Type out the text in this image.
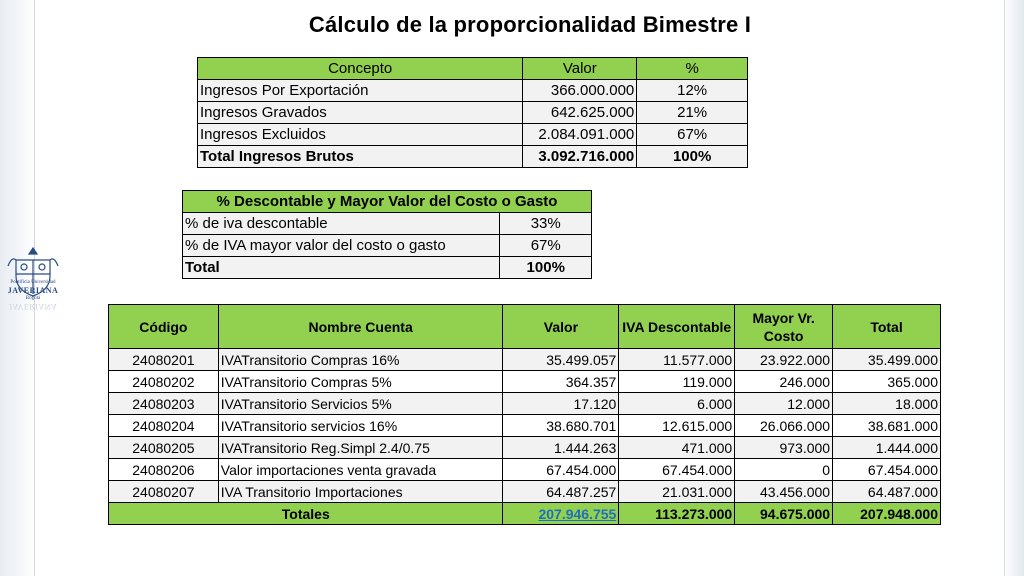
Pontificia Universidad
JAVERIANA
Bogotá
JAVERIANA
Cálculo de la proporcionalidad Bimestre I
Concepto	Valor	%
Ingresos Por Exportación	366.000.000	12%
Ingresos Gravados	642.625.000	21%
Ingresos Excluidos	2.084.091.000	67%
Total Ingresos Brutos	3.092.716.000	100%
% Descontable y Mayor Valor del Costo o Gasto	
% de iva descontable	33%
% de IVA mayor valor del costo o gasto	67%
Total	100%
Código	Nombre Cuenta	Valor	IVA Descontable	Mayor Vr. Costo	Total
24080201	IVATransitorio Compras 16%	35.499.057	11.577.000	23.922.000	35.499.000
24080202	IVATransitorio Compras 5%	364.357	119.000	246.000	365.000
24080203	IVATransitorio Servicios 5%	17.120	6.000	12.000	18.000
24080204	IVATransitorio servicios 16%	38.680.701	12.615.000	26.066.000	38.681.000
24080205	IVATransitorio Reg.Simpl 2.4/0.75	1.444.263	471.000	973.000	1.444.000
24080206	Valor importaciones venta gravada	67.454.000	67.454.000	0	67.454.000
24080207	IVA Transitorio Importaciones	64.487.257	21.031.000	43.456.000	64.487.000
Totales		207.946.755	113.273.000	94.675.000	207.948.000
